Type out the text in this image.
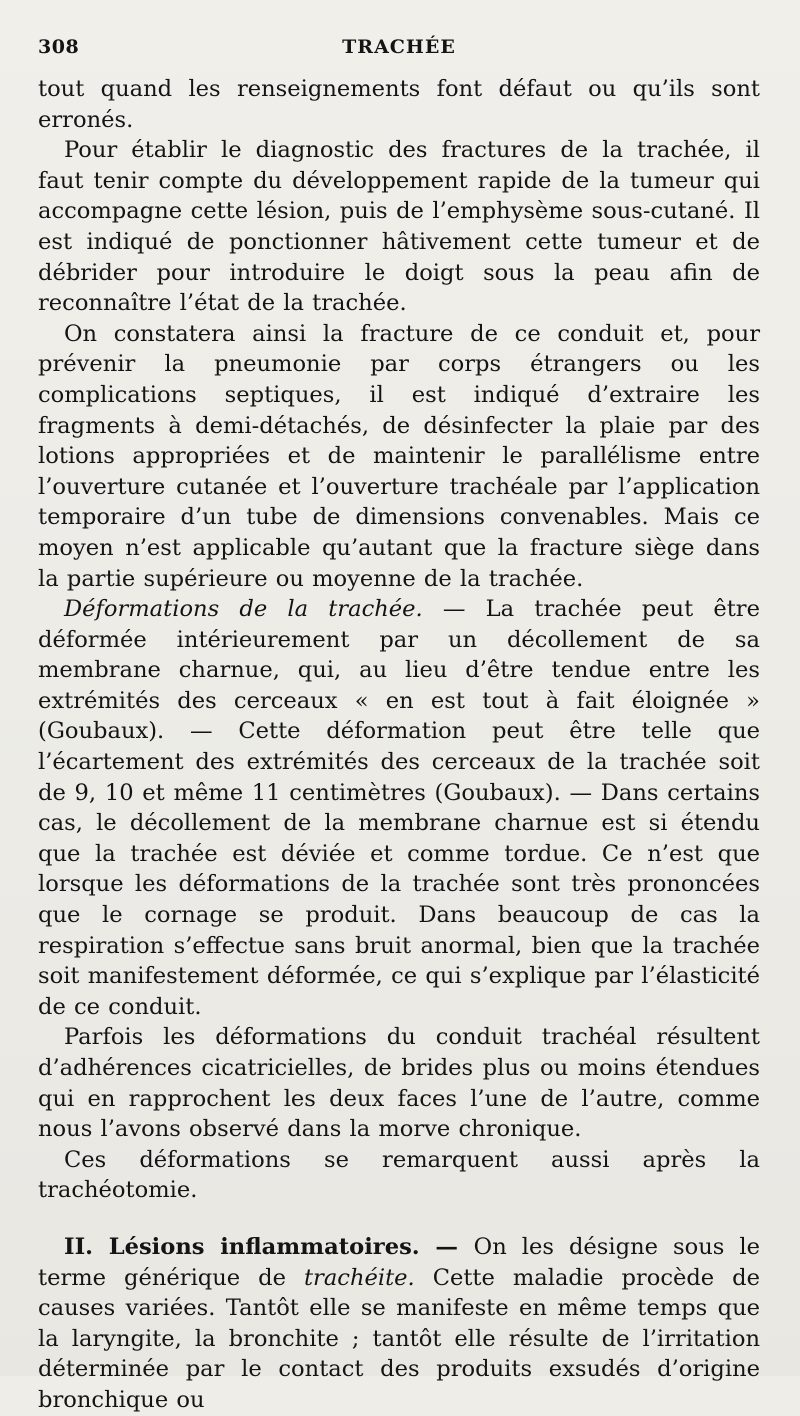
308	TRACHÉE

tout quand les renseignements font défaut ou qu’ils sont erronés.

Pour établir le diagnostic des fractures de la trachée, il faut tenir compte du développement rapide de la tumeur qui accompagne cette lésion, puis de l’emphysème sous-cutané. Il est indiqué de ponctionner hâtivement cette tumeur et de débrider pour introduire le doigt sous la peau afin de reconnaître l’état de la trachée.

On constatera ainsi la fracture de ce conduit et, pour prévenir la pneumonie par corps étrangers ou les complications septiques, il est indiqué d’extraire les fragments à demi-détachés, de désinfecter la plaie par des lotions appropriées et de maintenir le parallélisme entre l’ouverture cutanée et l’ouverture trachéale par l’application temporaire d’un tube de dimensions convenables. Mais ce moyen n’est applicable qu’autant que la fracture siège dans la partie supérieure ou moyenne de la trachée.

Déformations de la trachée. — La trachée peut être déformée intérieurement par un décollement de sa membrane charnue, qui, au lieu d’être tendue entre les extrémités des cerceaux « en est tout à fait éloignée » (Goubaux). — Cette déformation peut être telle que l’écartement des extrémités des cerceaux de la trachée soit de 9, 10 et même 11 centimètres (Goubaux). — Dans certains cas, le décollement de la membrane charnue est si étendu que la trachée est déviée et comme tordue. Ce n’est que lorsque les déformations de la trachée sont très prononcées que le cornage se produit. Dans beaucoup de cas la respiration s’effectue sans bruit anormal, bien que la trachée soit manifestement déformée, ce qui s’explique par l’élasticité de ce conduit.

Parfois les déformations du conduit trachéal résultent d’adhérences cicatricielles, de brides plus ou moins étendues qui en rapprochent les deux faces l’une de l’autre, comme nous l’avons observé dans la morve chronique.

Ces déformations se remarquent aussi après la trachéotomie.

II. Lésions inflammatoires. — On les désigne sous le terme générique de trachéite. Cette maladie procède de causes variées. Tantôt elle se manifeste en même temps que la laryngite, la bronchite ; tantôt elle résulte de l’irritation déterminée par le contact des produits exsudés d’origine bronchique ou
